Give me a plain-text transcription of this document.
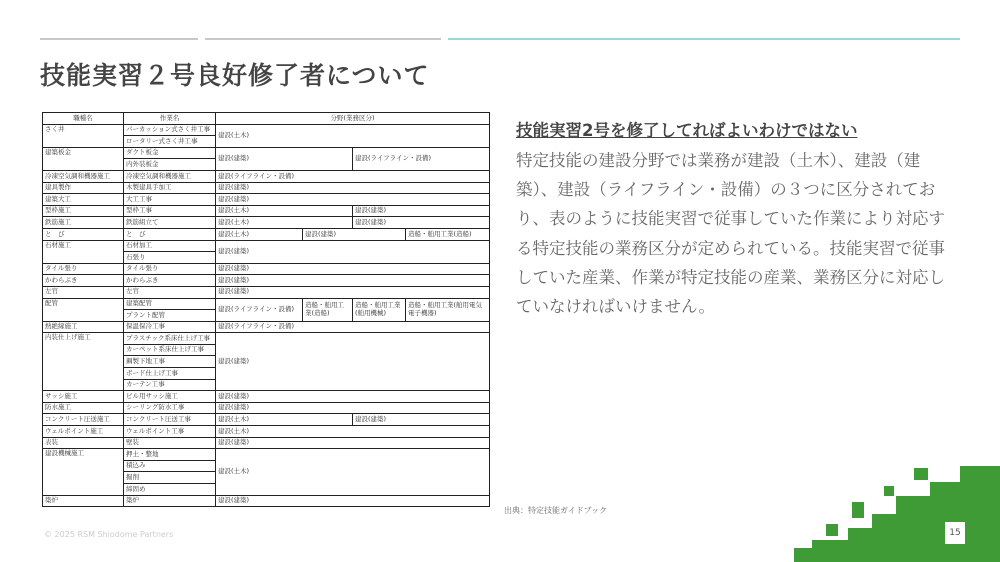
技能実習２号良好修了者について
職種名	作業名	分野(業務区分)			
さく井	パーカッション式さく井工事	建設(土木)			
	ロータリー式さく井工事				
建築板金	ダクト板金	建設(建築)		建設(ライフライン・設備)	
	内外装板金				
冷凍空気調和機器施工	冷凍空気調和機器施工	建設(ライフライン・設備)			
建具製作	木製建具手加工	建設(建築)			
建築大工	大工工事	建設(建築)			
型枠施工	型枠工事	建設(土木)		建設(建築)	
鉄筋施工	鉄筋組立て	建設(土木)		建設(建築)	
と　び	と　び	建設(土木)	建設(建築)		造船・舶用工業(造船)
石材施工	石材加工	建設(建築)			
	石張り				
タイル張り	タイル張り	建設(建築)			
かわらぶき	かわらぶき	建設(建築)			
左官	左官	建設(建築)			
配管	建築配管	建設(ライフライン・設備)	造船・舶用工業(造船)	造船・舶用工業(舶用機械)	造船・舶用工業(舶用電気電子機器)
	プラント配管				
熱絶縁施工	保温保冷工事	建設(ライフライン・設備)			
内装仕上げ施工	プラスチック系床仕上げ工事	建設(建築)			
	カーペット系床仕上げ工事				
	鋼製下地工事				
	ボード仕上げ工事				
	カーテン工事				
サッシ施工	ビル用サッシ施工	建設(建築)			
防水施工	シーリング防水工事	建設(建築)			
コンクリート圧送施工	コンクリート圧送工事	建設(土木)		建設(建築)	
ウェルポイント施工	ウェルポイント工事	建設(土木)			
表装	壁装	建設(建築)			
建設機械施工	押土・整地	建設(土木)			
	積込み				
	掘削				
	締固め				
築炉	築炉	建設(建築)			
技能実習2号を修了してればよいわけではない
特定技能の建設分野では業務が建設（土木）、建設（建築）、建設（ライフライン・設備）の３つに区分されており、表のように技能実習で従事していた作業により対応する特定技能の業務区分が定められている。技能実習で従事していた産業、作業が特定技能の産業、業務区分に対応していなければいけません。
出典：特定技能ガイドブック
© 2025 RSM Shiodome Partners	15
